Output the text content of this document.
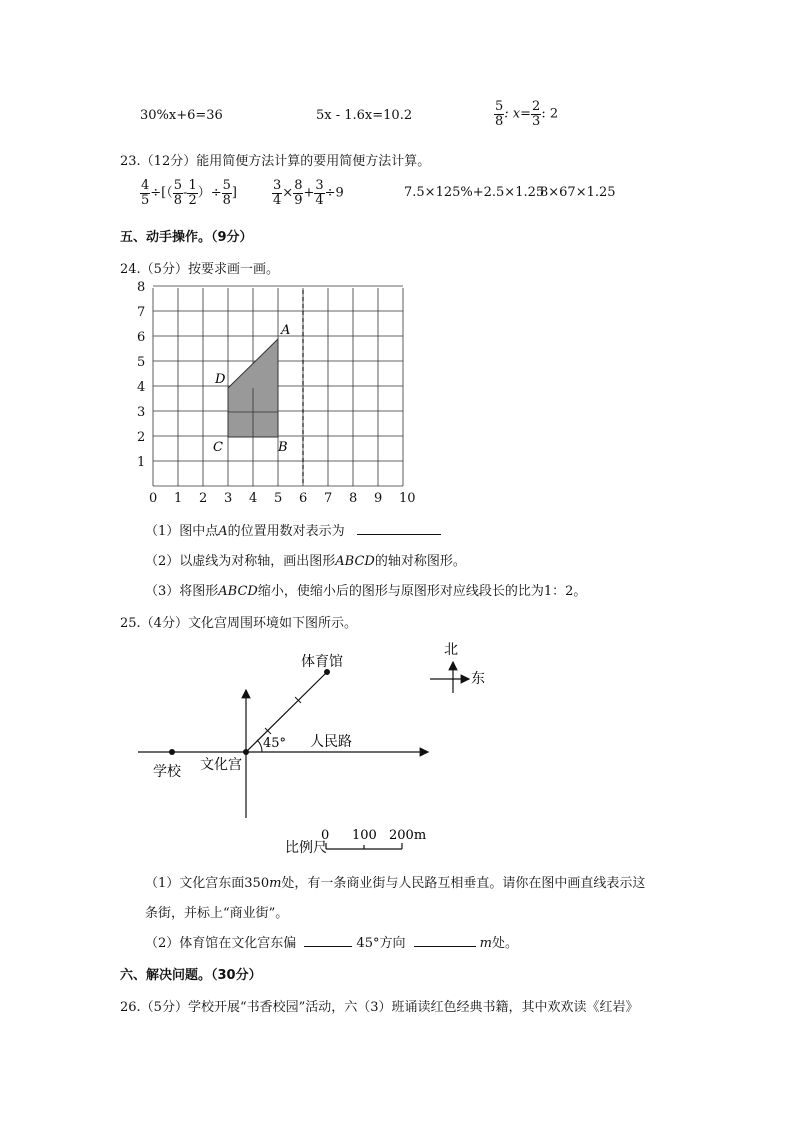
30%x+6=36	5x - 1.6x=10.2	$\frac{5}{8}$ : $x= \frac{2}{3}$ : 2
23.（12分）能用简便方法计算的要用简便方法计算。
$\frac{4}{5}$ ÷[（ $\frac{5}{8} - \frac{1}{2}$ ）÷ $\frac{5}{8}$ ]	$\frac{3}{4} \times \frac{8}{9} + \frac{3}{4} \div 9$	7.5×125%+2.5×1.25
8×67×1.25
五、动手操作。（9分）
24.（5分）按要求画一画。
0 1 2 3 4 5 6 7 8 9 10
1
2
3
4
5
6
7
8
A
D
C	B
（1）图中点A的位置用数对表示为
（2）以虚线为对称轴，画出图形ABCD的轴对称图形。
（3）将图形ABCD缩小，使缩小后的图形与原图形对应线段长的比为1：2。
25.（4分）文化宫周围环境如下图所示。
体育馆
45° 人民路
学校 文化宫
北
东
比例尺
0 100 200m
（1）文化宫东面350m处，有一条商业街与人民路互相垂直。请你在图中画直线表示这
条街，并标上“商业街”。
（2）体育馆在文化宫东偏	45°方向	m处。
六、解决问题。（30分）
26.（5分）学校开展“书香校园”活动，六（3）班诵读红色经典书籍，其中欢欢读《红岩》
